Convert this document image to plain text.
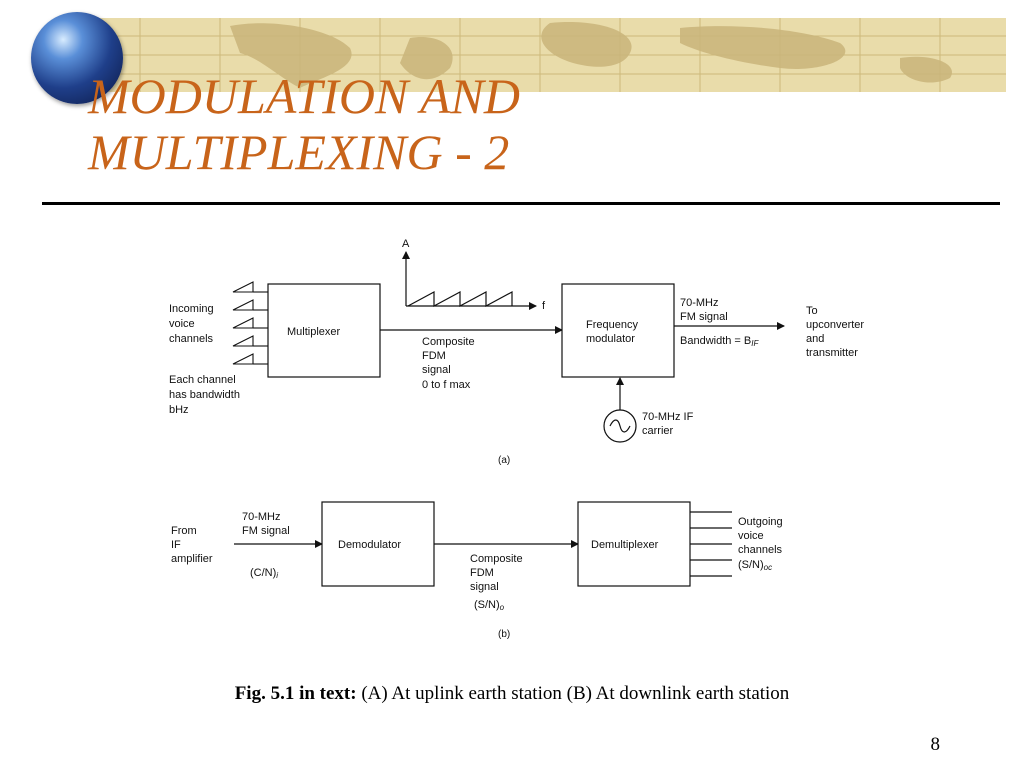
MODULATION AND
MULTIPLEXING - 2
A
f
Incoming voice channels
Each channel has bandwidth bHz
Multiplexer
Composite FDM signal 0 to f max
Frequency modulator
70-MHz FM signal
Bandwidth = BIF
To upconverter and transmitter
70-MHz IF carrier
(a)
From IF amplifier
70-MHz FM signal
(C/N)i
Demodulator
Composite FDM signal
(S/N)o
Demultiplexer
Outgoing voice channels
(S/N)oc
(b)
Fig. 5.1 in text: (A) At uplink earth station (B) At downlink earth station
8
